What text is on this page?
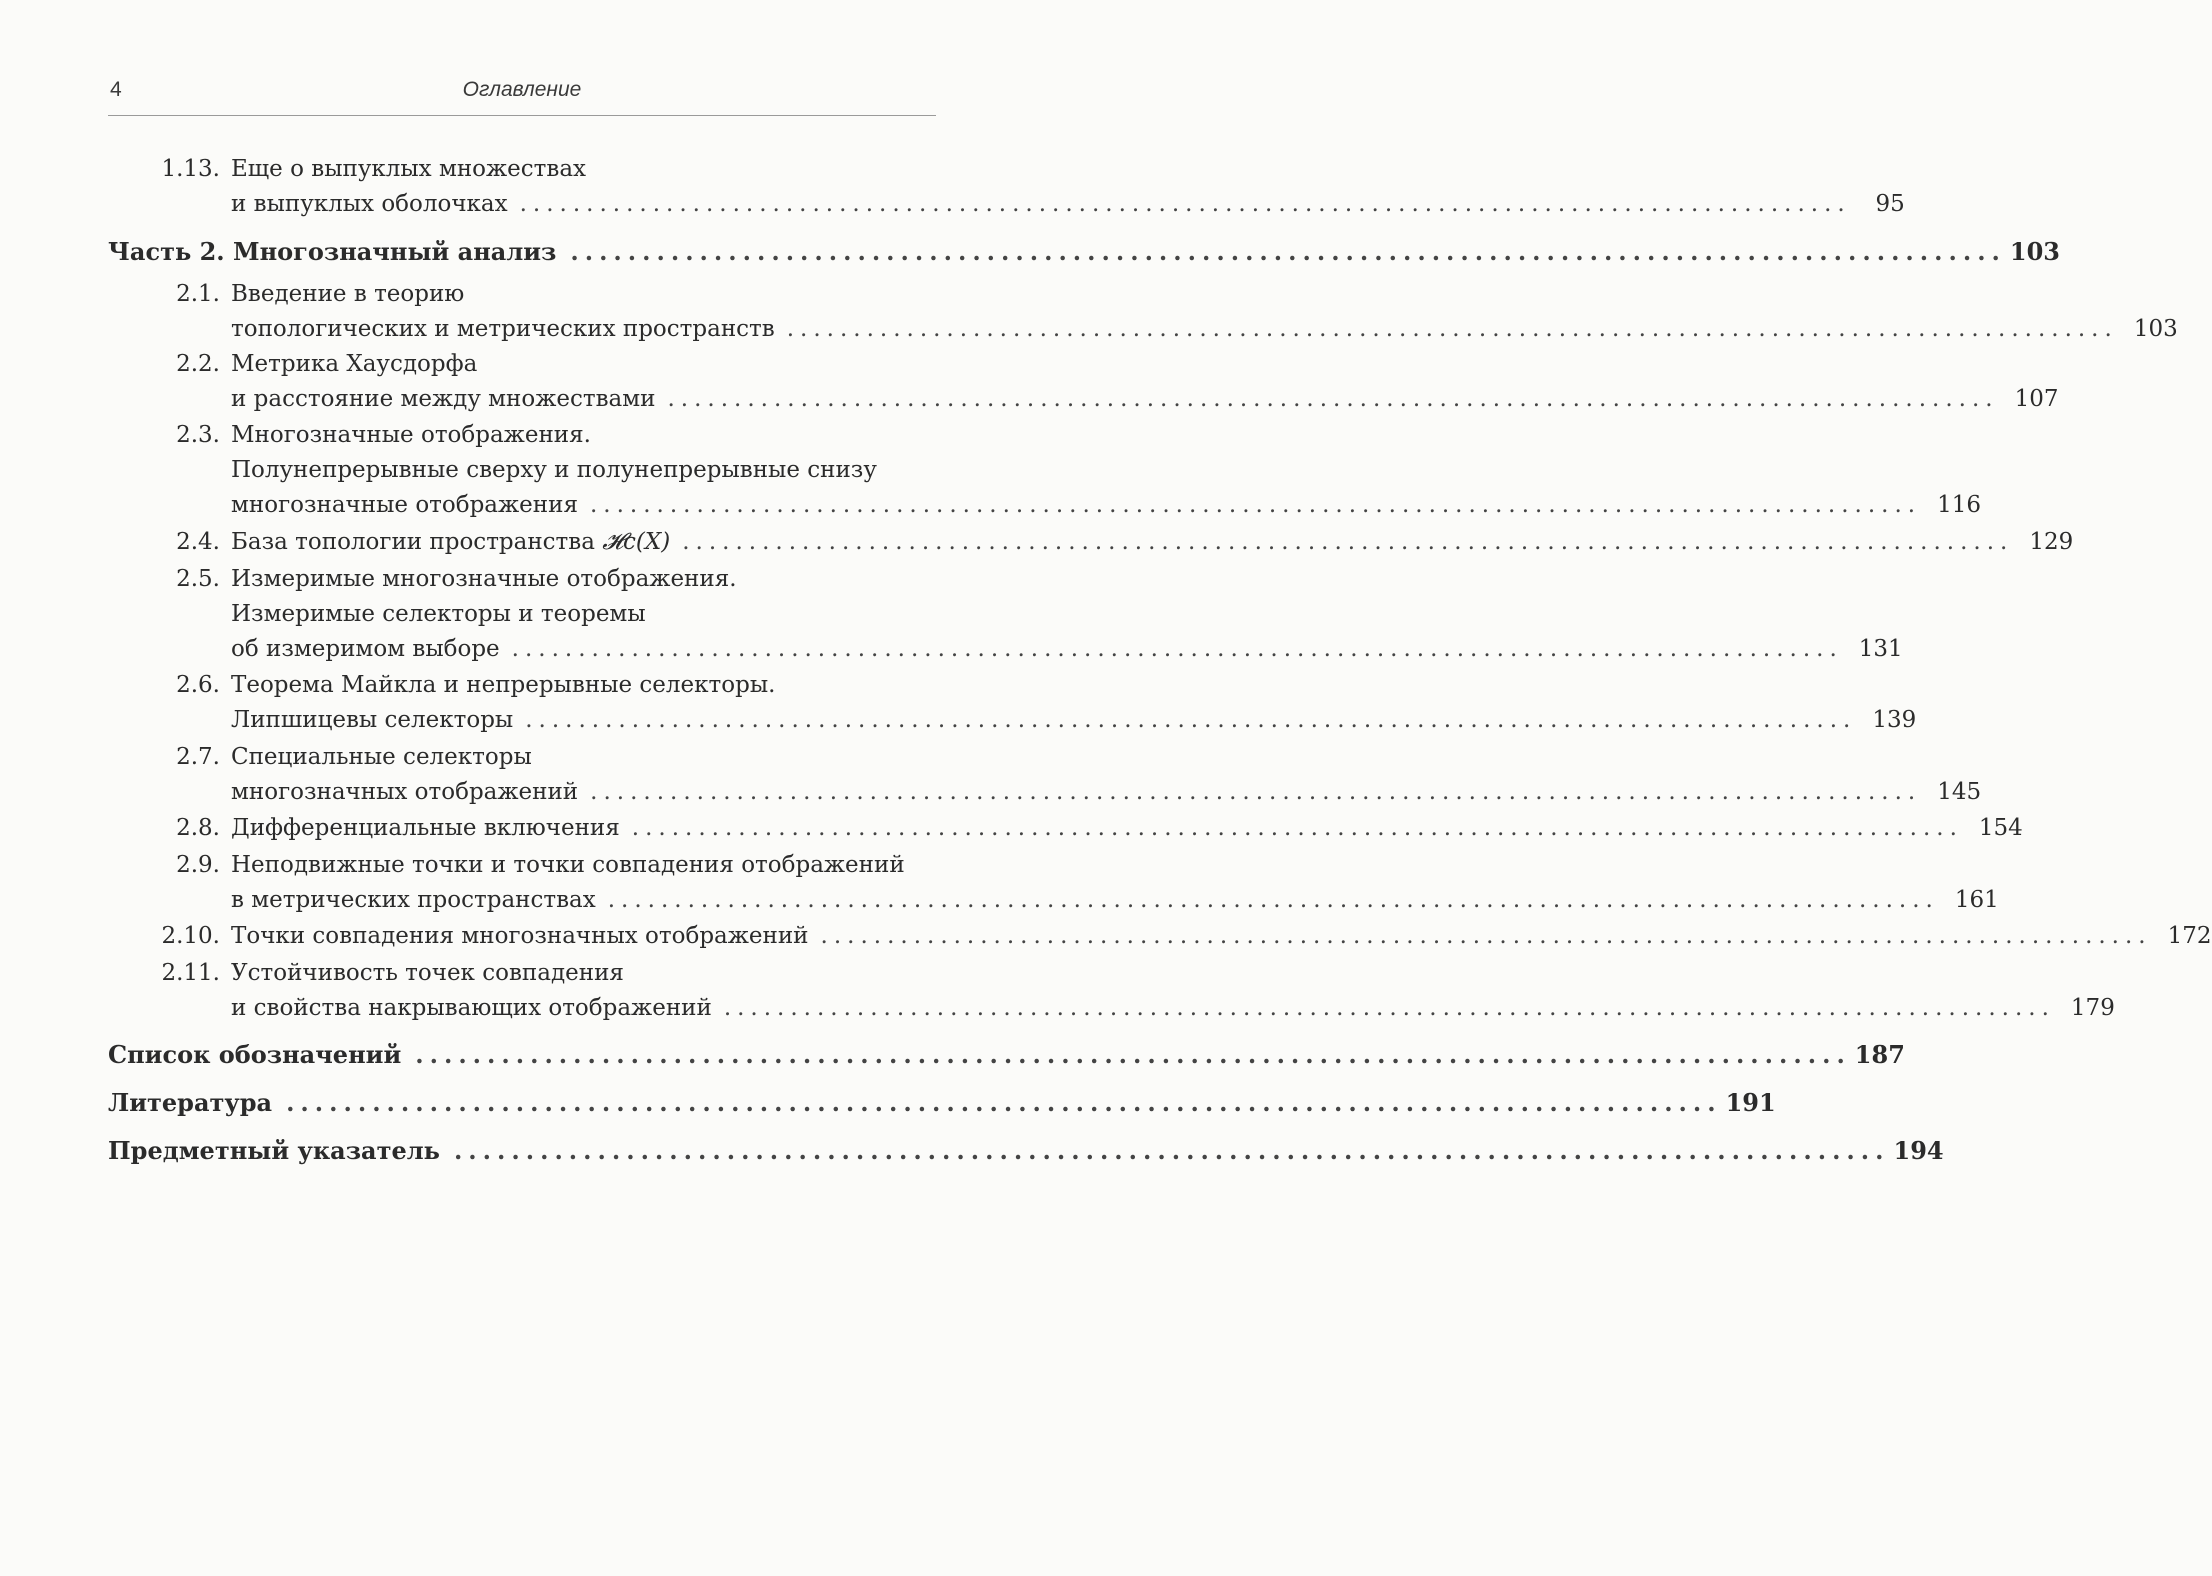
4	Оглавление
1.13. Еще о выпуклых множествах
и выпуклых оболочках ....................................................................................................	95
Часть 2. Многозначный анализ .................................................................................................... 103
2.1. Введение в теорию
топологических и метрических пространств .................................................................................................... 103
2.2. Метрика Хаусдорфа
и расстояние между множествами .................................................................................................... 107
2.3. Многозначные отображения.
Полунепрерывные сверху и полунепрерывные снизу
многозначные отображения .................................................................................................... 116
2.4. База топологии пространства 𝓗c(X) .................................................................................................... 129
2.5. Измеримые многозначные отображения.
Измеримые селекторы и теоремы
об измеримом выборе .................................................................................................... 131
2.6. Теорема Майкла и непрерывные селекторы.
Липшицевы селекторы .................................................................................................... 139
2.7. Специальные селекторы
многозначных отображений .................................................................................................... 145
2.8. Дифференциальные включения .................................................................................................... 154
2.9. Неподвижные точки и точки совпадения отображений
в метрических пространствах .................................................................................................... 161
2.10. Точки совпадения многозначных отображений .................................................................................................... 172
2.11. Устойчивость точек совпадения
и свойства накрывающих отображений .................................................................................................... 179
Список обозначений .................................................................................................... 187
Литература .................................................................................................... 191
Предметный указатель .................................................................................................... 194
